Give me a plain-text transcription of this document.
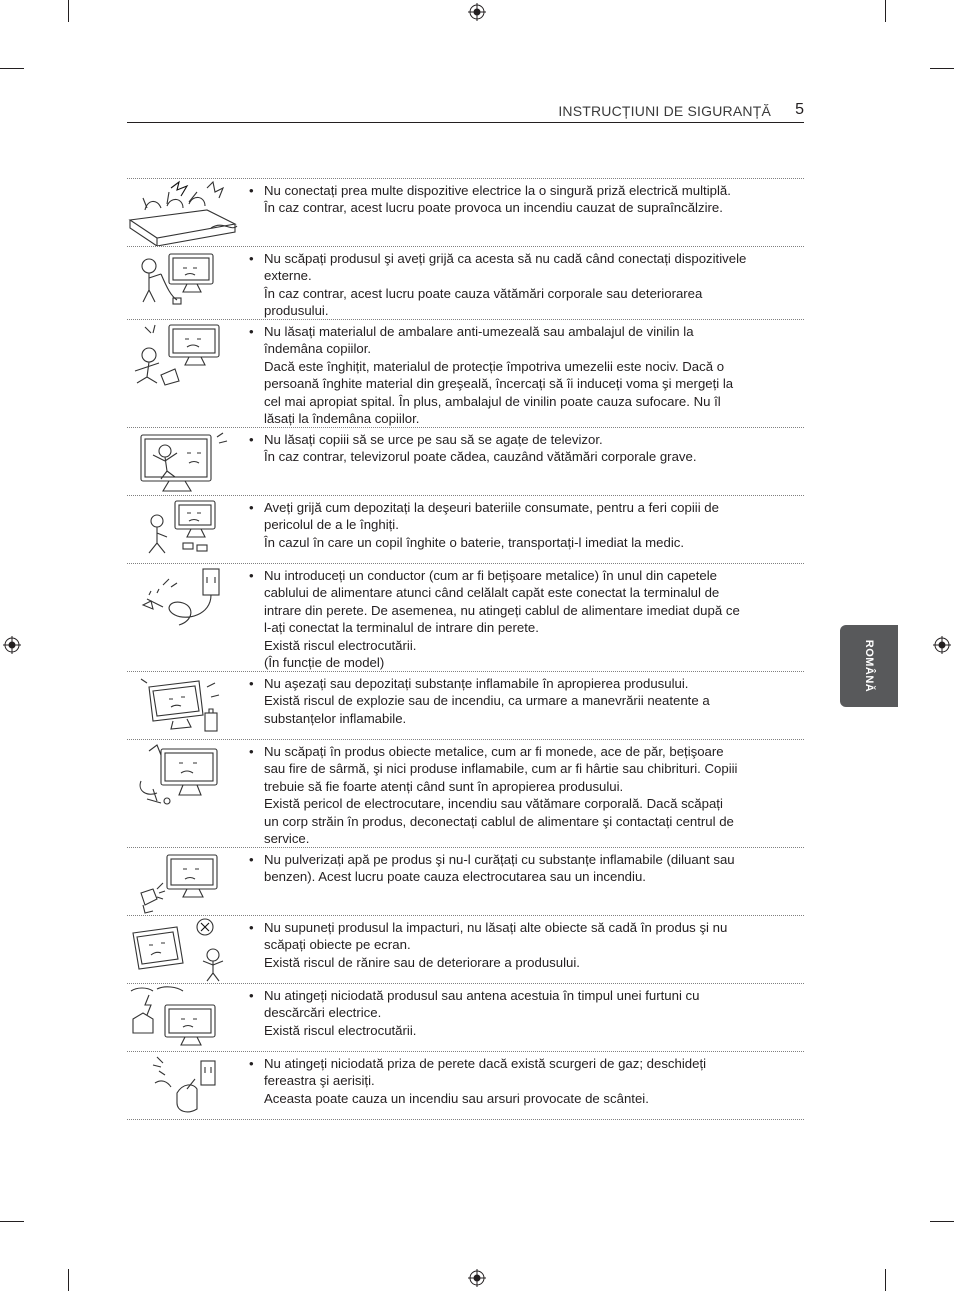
INSTRUCȚIUNI DE SIGURANȚĂ 5
ROMÂNĂ
• Nu conectați prea multe dispozitive electrice la o singură priză electrică multiplă.
În caz contrar, acest lucru poate provoca un incendiu cauzat de supraîncălzire.
• Nu scăpați produsul şi aveți grijă ca acesta să nu cadă când conectați dispozitivele
externe.
În caz contrar, acest lucru poate cauza vătămări corporale sau deteriorarea
produsului.
• Nu lăsați materialul de ambalare anti-umezeală sau ambalajul de vinilin la
îndemâna copiilor.
Dacă este înghițit, materialul de protecție împotriva umezelii este nociv. Dacă o
persoană înghite material din greşeală, încercați să îi induceți voma şi mergeți la
cel mai apropiat spital. În plus, ambalajul de vinilin poate cauza sufocare. Nu îl
lăsați la îndemâna copiilor.
• Nu lăsați copiii să se urce pe sau să se agațe de televizor.
În caz contrar, televizorul poate cădea, cauzând vătămări corporale grave.
• Aveți grijă cum depozitați la deşeuri bateriile consumate, pentru a feri copiii de
pericolul de a le înghiți.
În cazul în care un copil înghite o baterie, transportați-l imediat la medic.
• Nu introduceți un conductor (cum ar fi bețişoare metalice) în unul din capetele
cablului de alimentare atunci când celălalt capăt este conectat la terminalul de
intrare din perete. De asemenea, nu atingeți cablul de alimentare imediat după ce
l-ați conectat la terminalul de intrare din perete.
Există riscul electrocutării.
(În funcție de model)
• Nu aşezați sau depozitați substanțe inflamabile în apropierea produsului.
Există riscul de explozie sau de incendiu, ca urmare a manevrării neatente a
substanțelor inflamabile.
• Nu scăpați în produs obiecte metalice, cum ar fi monede, ace de păr, bețişoare
sau fire de sârmă, şi nici produse inflamabile, cum ar fi hârtie sau chibrituri. Copiii
trebuie să fie foarte atenți când sunt în apropierea produsului.
Există pericol de electrocutare, incendiu sau vătămare corporală. Dacă scăpați
un corp străin în produs, deconectați cablul de alimentare şi contactați centrul de
service.
• Nu pulverizați apă pe produs şi nu-l curățați cu substanțe inflamabile (diluant sau
benzen). Acest lucru poate cauza electrocutarea sau un incendiu.
• Nu supuneți produsul la impacturi, nu lăsați alte obiecte să cadă în produs şi nu
scăpați obiecte pe ecran.
Există riscul de rănire sau de deteriorare a produsului.
• Nu atingeți niciodată produsul sau antena acestuia în timpul unei furtuni cu
descărcări electrice.
Există riscul electrocutării.
• Nu atingeți niciodată priza de perete dacă există scurgeri de gaz; deschideți
fereastra şi aerisiți.
Aceasta poate cauza un incendiu sau arsuri provocate de scântei.
